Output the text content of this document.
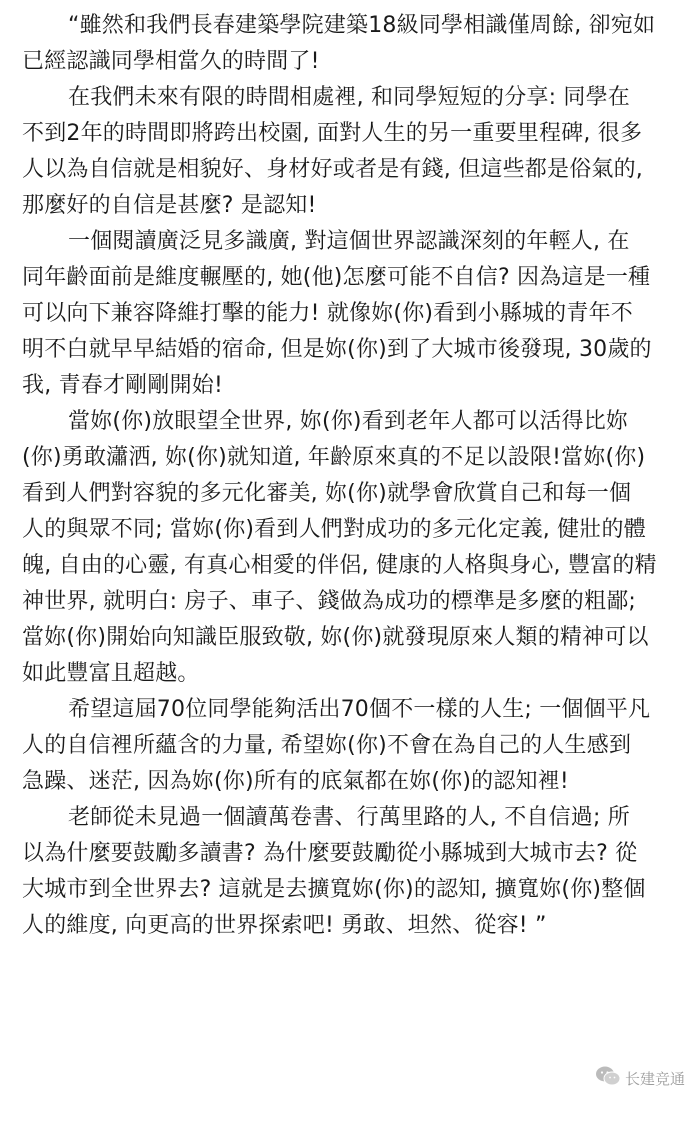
“雖然和我們長春建築學院建築18級同學相識僅周餘, 卻宛如
已經認識同學相當久的時間了!
在我們未來有限的時間相處裡, 和同學短短的分享: 同學在
不到2年的時間即將跨出校園, 面對人生的另一重要里程碑, 很多
人以為自信就是相貌好、身材好或者是有錢, 但這些都是俗氣的,
那麼好的自信是甚麼? 是認知!
一個閱讀廣泛見多識廣, 對這個世界認識深刻的年輕人, 在
同年齡面前是維度輾壓的, 她(他)怎麼可能不自信? 因為這是一種
可以向下兼容降維打擊的能力! 就像妳(你)看到小縣城的青年不
明不白就早早結婚的宿命, 但是妳(你)到了大城市後發現, 30歲的
我, 青春才剛剛開始!
當妳(你)放眼望全世界, 妳(你)看到老年人都可以活得比妳
(你)勇敢瀟洒, 妳(你)就知道, 年齡原來真的不足以設限!當妳(你)
看到人們對容貌的多元化審美, 妳(你)就學會欣賞自己和每一個
人的與眾不同; 當妳(你)看到人們對成功的多元化定義, 健壯的體
魄, 自由的心靈, 有真心相愛的伴侶, 健康的人格與身心, 豐富的精
神世界, 就明白: 房子、車子、錢做為成功的標準是多麼的粗鄙;
當妳(你)開始向知識臣服致敬, 妳(你)就發現原來人類的精神可以
如此豐富且超越。
希望這屆70位同學能夠活出70個不一樣的人生; 一個個平凡
人的自信裡所蘊含的力量, 希望妳(你)不會在為自己的人生感到
急躁、迷茫, 因為妳(你)所有的底氣都在妳(你)的認知裡!
老師從未見過一個讀萬卷書、行萬里路的人, 不自信過; 所
以為什麼要鼓勵多讀書? 為什麼要鼓勵從小縣城到大城市去? 從
大城市到全世界去? 這就是去擴寬妳(你)的認知, 擴寬妳(你)整個
人的維度, 向更高的世界探索吧! 勇敢、坦然、從容! ”
长建竞通
